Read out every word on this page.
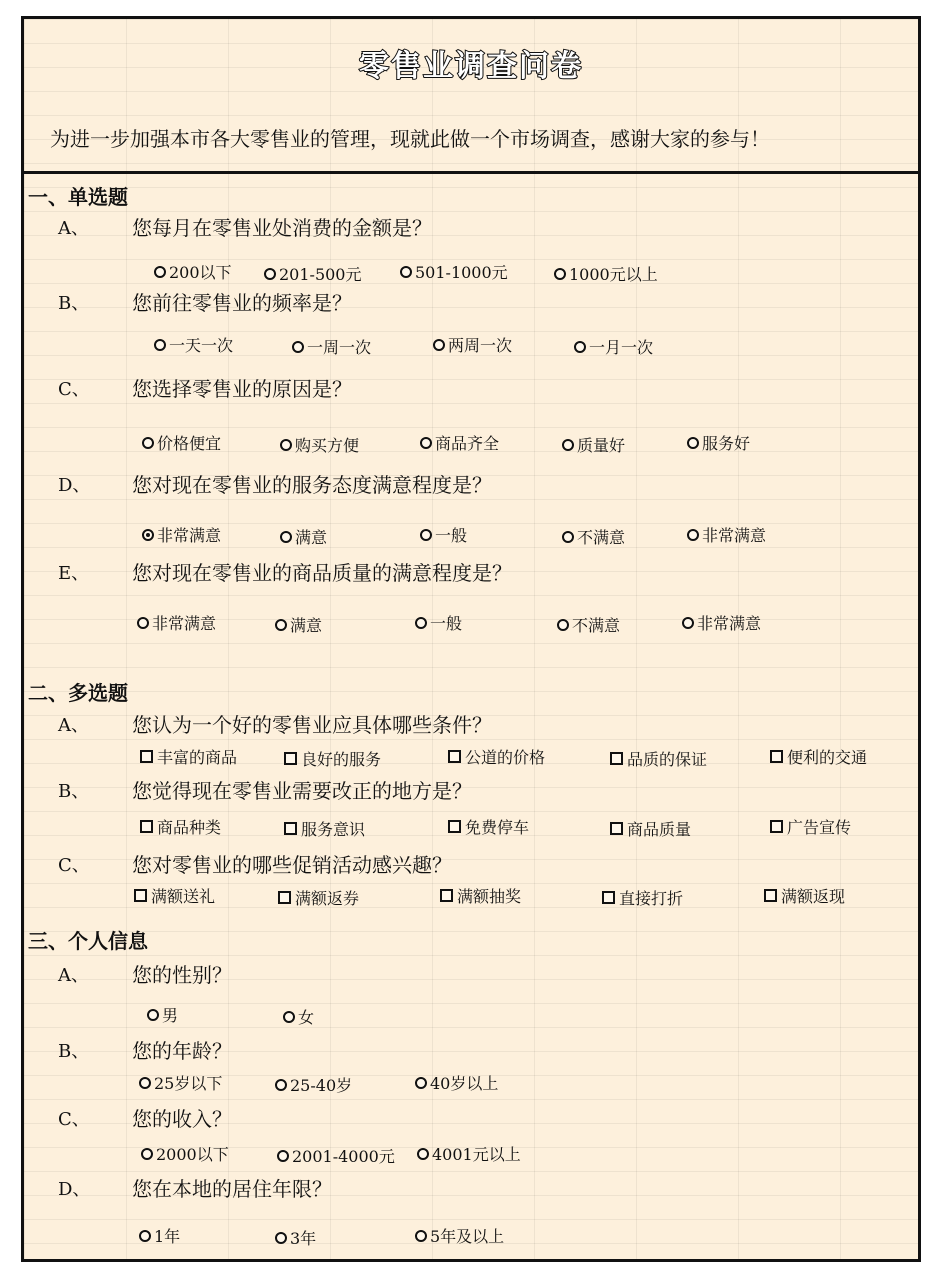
零售业调查问卷
为进一步加强本市各大零售业的管理，现就此做一个市场调查，感谢大家的参与！
一、单选题
A、 您每月在零售业处消费的金额是？
200以下	201-500元	501-1000元	1000元以上
B、 您前往零售业的频率是？
一天一次	一周一次	两周一次	一月一次
C、 您选择零售业的原因是？
价格便宜	购买方便	商品齐全	质量好	服务好
D、 您对现在零售业的服务态度满意程度是？
非常满意	满意	一般	不满意	非常满意
E、 您对现在零售业的商品质量的满意程度是？
非常满意	满意	一般	不满意	非常满意
二、多选题
A、 您认为一个好的零售业应具体哪些条件？
丰富的商品	良好的服务	公道的价格	品质的保证	便利的交通
B、 您觉得现在零售业需要改正的地方是？
商品种类	服务意识	免费停车	商品质量	广告宣传
C、 您对零售业的哪些促销活动感兴趣？
满额送礼	满额返券	满额抽奖	直接打折	满额返现
三、个人信息
A、 您的性别？
男	女
B、 您的年龄？
25岁以下	25-40岁	40岁以上
C、 您的收入？
2000以下	2001-4000元 4001元以上
D、 您在本地的居住年限？
1年	3年	5年及以上
